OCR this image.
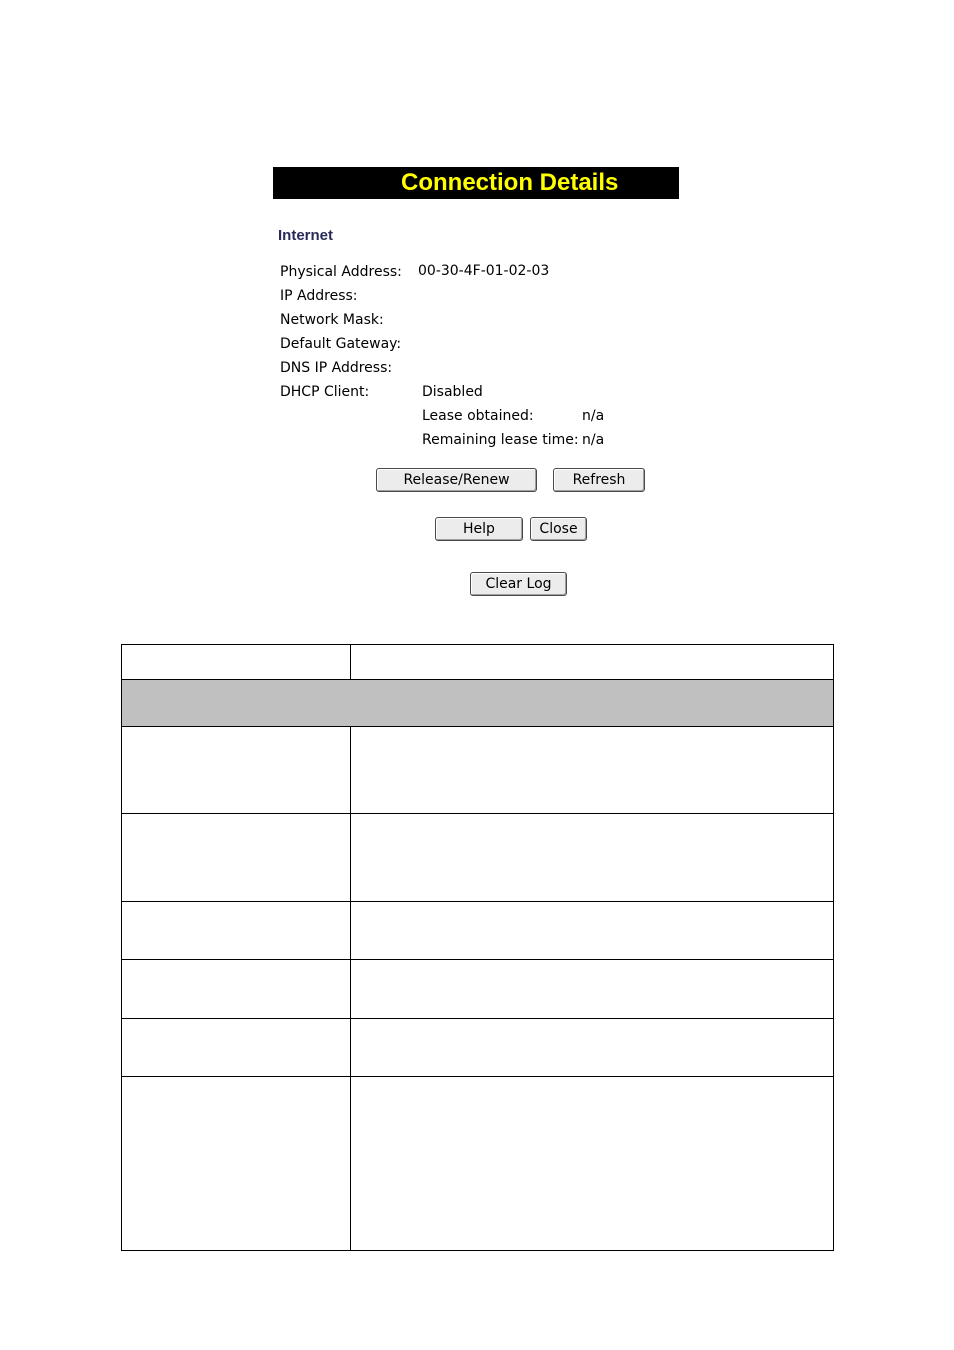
Connection Details
Internet
Physical Address: 00-30-4F-01-02-03
IP Address:
Network Mask:
Default Gateway:
DNS IP Address:
DHCP Client:	Disabled
Lease obtained:	n/a
Remaining lease time: n/a
Release/Renew	Refresh
Help	Close
Clear Log
